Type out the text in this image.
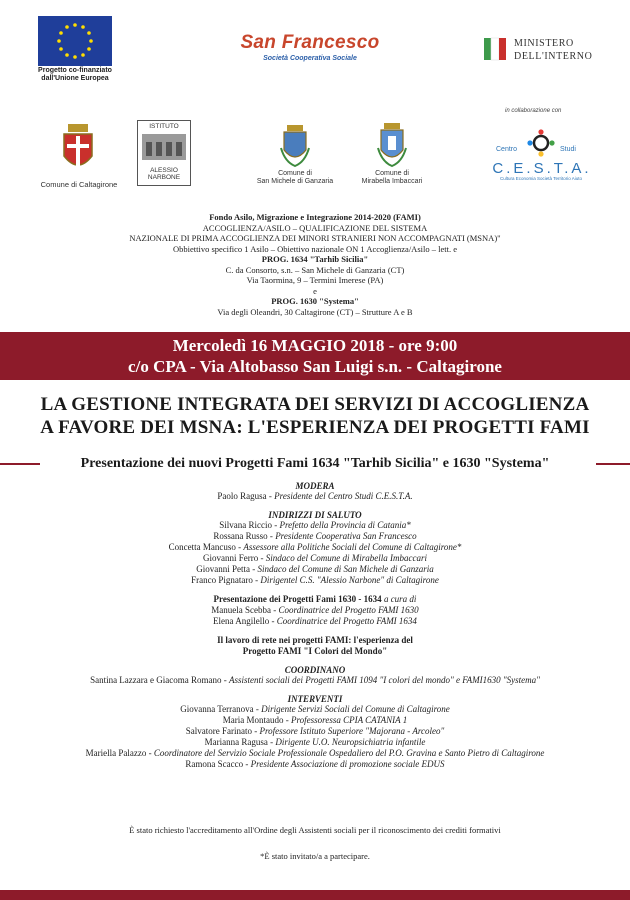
Progetto co-finanziato
dall'Unione Europea
San Francesco
Società Cooperativa Sociale
MINISTERO
DELL'INTERNO
in collaborazione con
Comune di Caltagirone
ISTITUTO
ALESSIO
NARBONE
Comune di
San Michele di Ganzaria
Comune di
Mirabella Imbaccari
Centro	Studi
C.E.S.T.A.
Cultura Economia Società Territorio Aiuto
Fondo Asilo, Migrazione e Integrazione 2014-2020 (FAMI)
ACCOGLIENZA/ASILO – QUALIFICAZIONE DEL SISTEMA
NAZIONALE DI PRIMA ACCOGLIENZA DEI MINORI STRANIERI NON ACCOMPAGNATI (MSNA)"
Obbiettivo specifico 1 Asilo – Obiettivo nazionale ON 1 Accoglienza/Asilo – lett. e
PROG. 1634 "Tarhib Sicilia"
C. da Consorto, s.n. – San Michele di Ganzaria (CT)
Via Taormina, 9 – Termini Imerese (PA)
e
PROG. 1630 "Systema"
Via degli Oleandri, 30 Caltagirone (CT) – Strutture A e B
Mercoledì 16 MAGGIO 2018 - ore 9:00
c/o CPA - Via Altobasso San Luigi s.n. - Caltagirone
LA GESTIONE INTEGRATA DEI SERVIZI DI ACCOGLIENZA
A FAVORE DEI MSNA: L'ESPERIENZA DEI PROGETTI FAMI
Presentazione dei nuovi Progetti Fami 1634 "Tarhib Sicilia" e 1630 "Systema"
MODERA
Paolo Ragusa - Presidente del Centro Studi C.E.S.T.A.
INDIRIZZI DI SALUTO
Silvana Riccio - Prefetto della Provincia di Catania*
Rossana Russo - Presidente Cooperativa San Francesco
Concetta Mancuso - Assessore alla Politiche Sociali del Comune di Caltagirone*
Giovanni Ferro - Sindaco del Comune di Mirabella Imbaccari
Giovanni Petta - Sindaco del Comune di San Michele di Ganzaria
Franco Pignataro - Dirigentel C.S. "Alessio Narbone" di Caltagirone
Presentazione dei Progetti Fami 1630 - 1634 a cura di
Manuela Scebba - Coordinatrice del Progetto FAMI 1630
Elena Angilello - Coordinatrice del Progetto FAMI 1634
Il lavoro di rete nei progetti FAMI: l'esperienza del
Progetto FAMI "I Colori del Mondo"
COORDINANO
Santina Lazzara e Giacoma Romano - Assistenti sociali dei Progetti FAMI 1094 "I colori del mondo" e FAMI1630 "Systema"
INTERVENTI
Giovanna Terranova - Dirigente Servizi Sociali del Comune di Caltagirone
Maria Montaudo - Professoressa CPIA CATANIA 1
Salvatore Farinato - Professore Istituto Superiore "Majorana - Arcoleo"
Marianna Ragusa - Dirigente U.O. Neuropsichiatria infantile
Mariella Palazzo - Coordinatore del Servizio Sociale Professionale Ospedaliero del P.O. Gravina e Santo Pietro di Caltagirone
Ramona Scacco - Presidente Associazione di promozione sociale EDUS
È stato richiesto l'accreditamento all'Ordine degli Assistenti sociali per il riconoscimento dei crediti formativi
*È stato invitato/a a partecipare.
